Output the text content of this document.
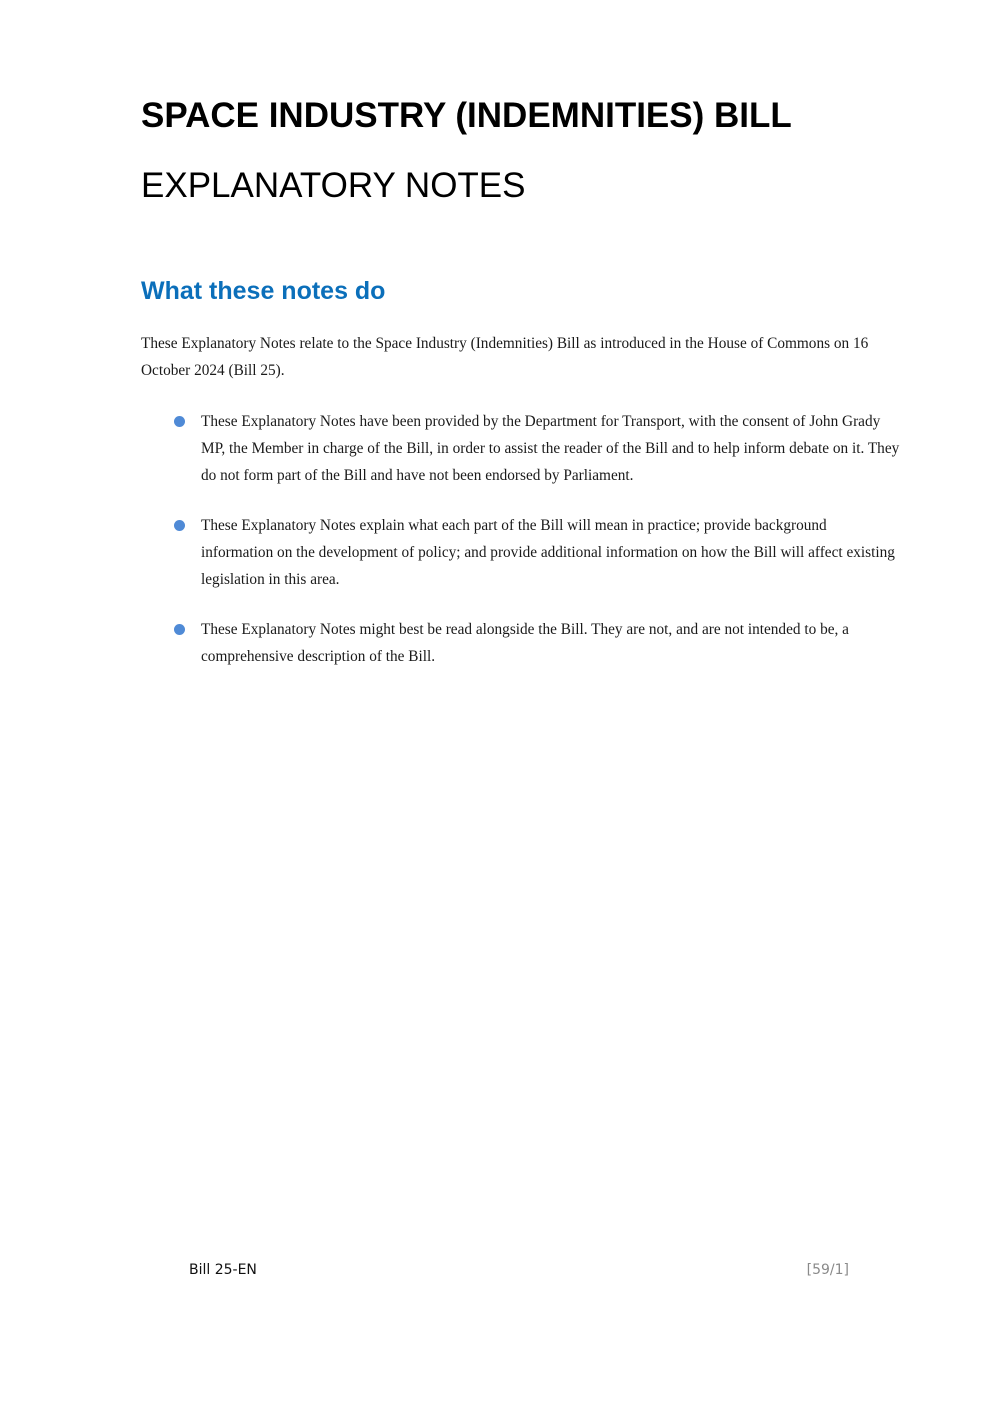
SPACE INDUSTRY (INDEMNITIES) BILL
EXPLANATORY NOTES
What these notes do

These Explanatory Notes relate to the Space Industry (Indemnities) Bill as introduced in the House of Commons on 16 October 2024 (Bill 25).

These Explanatory Notes have been provided by the Department for Transport, with the consent of John Grady MP, the Member in charge of the Bill, in order to assist the reader of the Bill and to help inform debate on it. They do not form part of the Bill and have not been endorsed by Parliament.
These Explanatory Notes explain what each part of the Bill will mean in practice; provide background information on the development of policy; and provide additional information on how the Bill will affect existing legislation in this area.
These Explanatory Notes might best be read alongside the Bill. They are not, and are not intended to be, a comprehensive description of the Bill.

Bill 25-EN	[59/1]
